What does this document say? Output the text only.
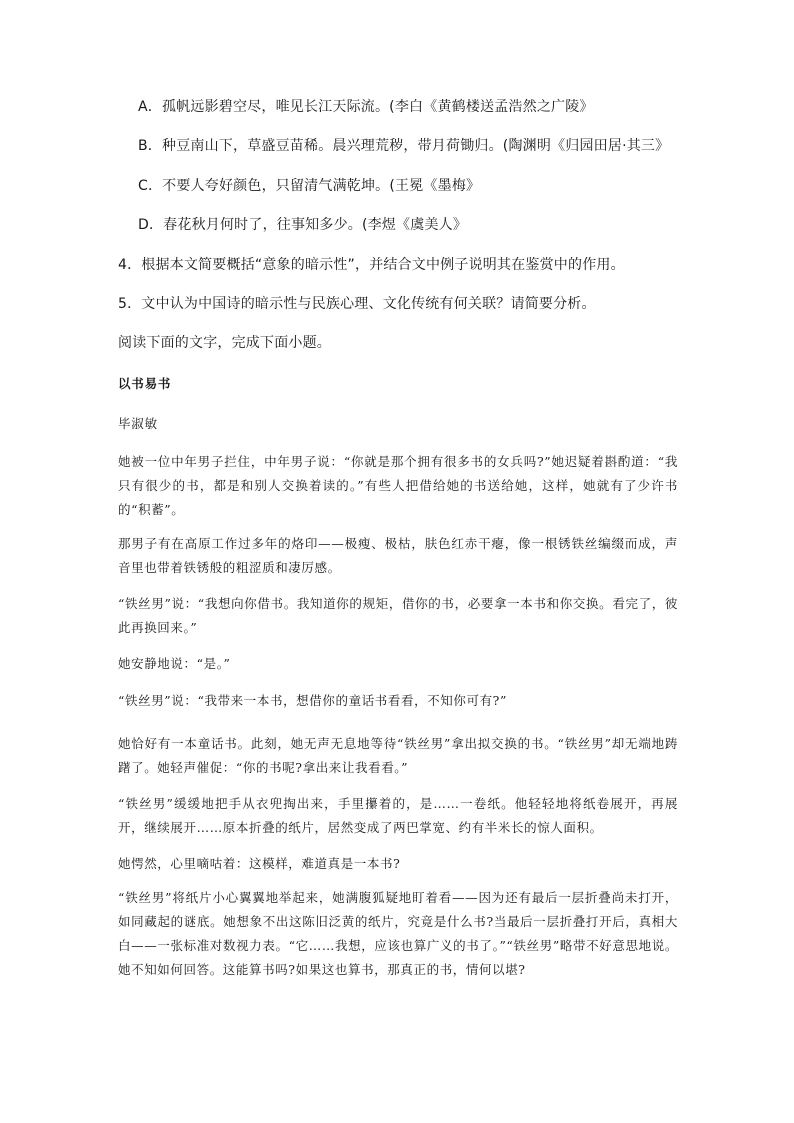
A．孤帆远影碧空尽，唯见长江天际流。(李白《黄鹤楼送孟浩然之广陵》
B．种豆南山下，草盛豆苗稀。晨兴理荒秽，带月荷锄归。(陶渊明《归园田居·其三》
C．不要人夸好颜色，只留清气满乾坤。(王冕《墨梅》
D．春花秋月何时了，往事知多少。(李煜《虞美人》
4．根据本文简要概括“意象的暗示性”，并结合文中例子说明其在鉴赏中的作用。
5．文中认为中国诗的暗示性与民族心理、文化传统有何关联？请简要分析。
阅读下面的文字，完成下面小题。
以书易书
毕淑敏

她被一位中年男子拦住，中年男子说：“你就是那个拥有很多书的女兵吗?”她迟疑着斟酌道：“我只有很少的书，都是和别人交换着读的。”有些人把借给她的书送给她，这样，她就有了少许书的“积蓄”。

那男子有在高原工作过多年的烙印——极瘦、极枯，肤色红赤干瘪，像一根锈铁丝编缀而成，声音里也带着铁锈般的粗涩质和凄厉感。

“铁丝男”说：“我想向你借书。我知道你的规矩，借你的书，必要拿一本书和你交换。看完了，彼此再换回来。”

她安静地说：“是。”

“铁丝男”说：“我带来一本书，想借你的童话书看看，不知你可有?”

她恰好有一本童话书。此刻，她无声无息地等待“铁丝男”拿出拟交换的书。“铁丝男”却无端地踌躇了。她轻声催促：“你的书呢?拿出来让我看看。”

“铁丝男”缓缓地把手从衣兜掏出来，手里攥着的，是……一卷纸。他轻轻地将纸卷展开，再展开，继续展开……原本折叠的纸片，居然变成了两巴掌宽、约有半米长的惊人面积。

她愕然，心里嘀咕着：这模样，难道真是一本书?

“铁丝男”将纸片小心翼翼地举起来，她满腹狐疑地盯着看——因为还有最后一层折叠尚未打开，如同藏起的谜底。她想象不出这陈旧泛黄的纸片，究竟是什么书?当最后一层折叠打开后，真相大白——一张标准对数视力表。“它……我想，应该也算广义的书了。”“铁丝男”略带不好意思地说。她不知如何回答。这能算书吗?如果这也算书，那真正的书，情何以堪?
